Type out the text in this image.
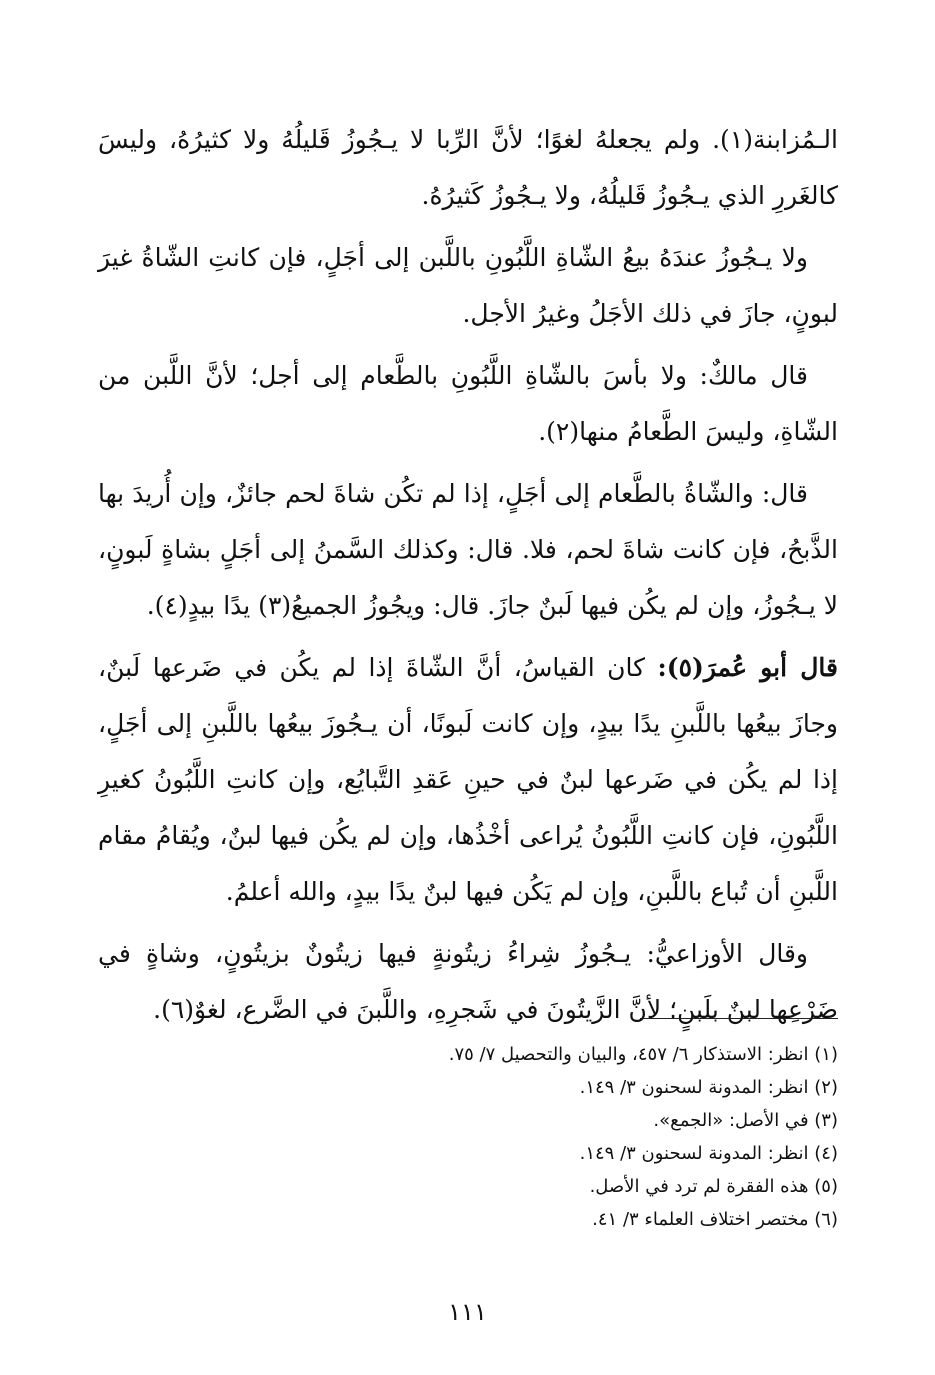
الـمُزابنة(١). ولم يجعلهُ لغوًا؛ لأنَّ الرِّبا لا يـجُوزُ قَليلُهُ ولا كثيرُهُ، وليسَ كالغَررِ الذي يـجُوزُ قَليلُهُ، ولا يـجُوزُ كَثيرُهُ.

ولا يـجُوزُ عندَهُ بيعُ الشّاةِ اللَّبُونِ باللَّبن إلى أجَلٍ، فإن كانتِ الشّاةُ غيرَ لبونٍ، جازَ في ذلك الأجَلُ وغيرُ الأجل.

قال مالكٌ: ولا بأسَ بالشّاةِ اللَّبُونِ بالطَّعام إلى أجل؛ لأنَّ اللَّبن من الشّاةِ، وليسَ الطَّعامُ منها(٢).

قال: والشّاةُ بالطَّعام إلى أجَلٍ، إذا لم تكُن شاةَ لحم جائزٌ، وإن أُريدَ بها الذَّبحُ، فإن كانت شاةَ لحم، فلا. قال: وكذلك السَّمنُ إلى أجَلٍ بشاةٍ لَبونٍ، لا يـجُوزُ، وإن لم يكُن فيها لَبنٌ جازَ. قال: ويجُوزُ الجميعُ(٣) يدًا بيدٍ(٤).

قال أبو عُمرَ(٥): كان القياسُ، أنَّ الشّاةَ إذا لم يكُن في ضَرعها لَبنٌ، وجازَ بيعُها باللَّبنِ يدًا بيدٍ، وإن كانت لَبونًا، أن يـجُوزَ بيعُها باللَّبنِ إلى أجَلٍ، إذا لم يكُن في ضَرعها لبنٌ في حينِ عَقدِ التَّبايُع، وإن كانتِ اللَّبُونُ كغيرِ اللَّبُونِ، فإن كانتِ اللَّبُونُ يُراعى أخْذُها، وإن لم يكُن فيها لبنٌ، ويُقامُ مقام اللَّبنِ أن تُباع باللَّبنِ، وإن لم يَكُن فيها لبنٌ يدًا بيدٍ، والله أعلمُ.

وقال الأوزاعيُّ: يـجُوزُ شِراءُ زيتُونةٍ فيها زيتُونٌ بزيتُونٍ، وشاةٍ في ضَرْعِها لبنٌ بلَبنٍ؛ لأنَّ الزَّيتُونَ في شَجرِهِ، واللَّبنَ في الضَّرع، لغوٌ(٦).

(١) انظر: الاستذكار ٦/ ٤٥٧، والبيان والتحصيل ٧/ ٧٥.

(٢) انظر: المدونة لسحنون ٣/ ١٤٩.

(٣) في الأصل: «الجمع».

(٤) انظر: المدونة لسحنون ٣/ ١٤٩.

(٥) هذه الفقرة لم ترد في الأصل.

(٦) مختصر اختلاف العلماء ٣/ ٤١.

١١١
